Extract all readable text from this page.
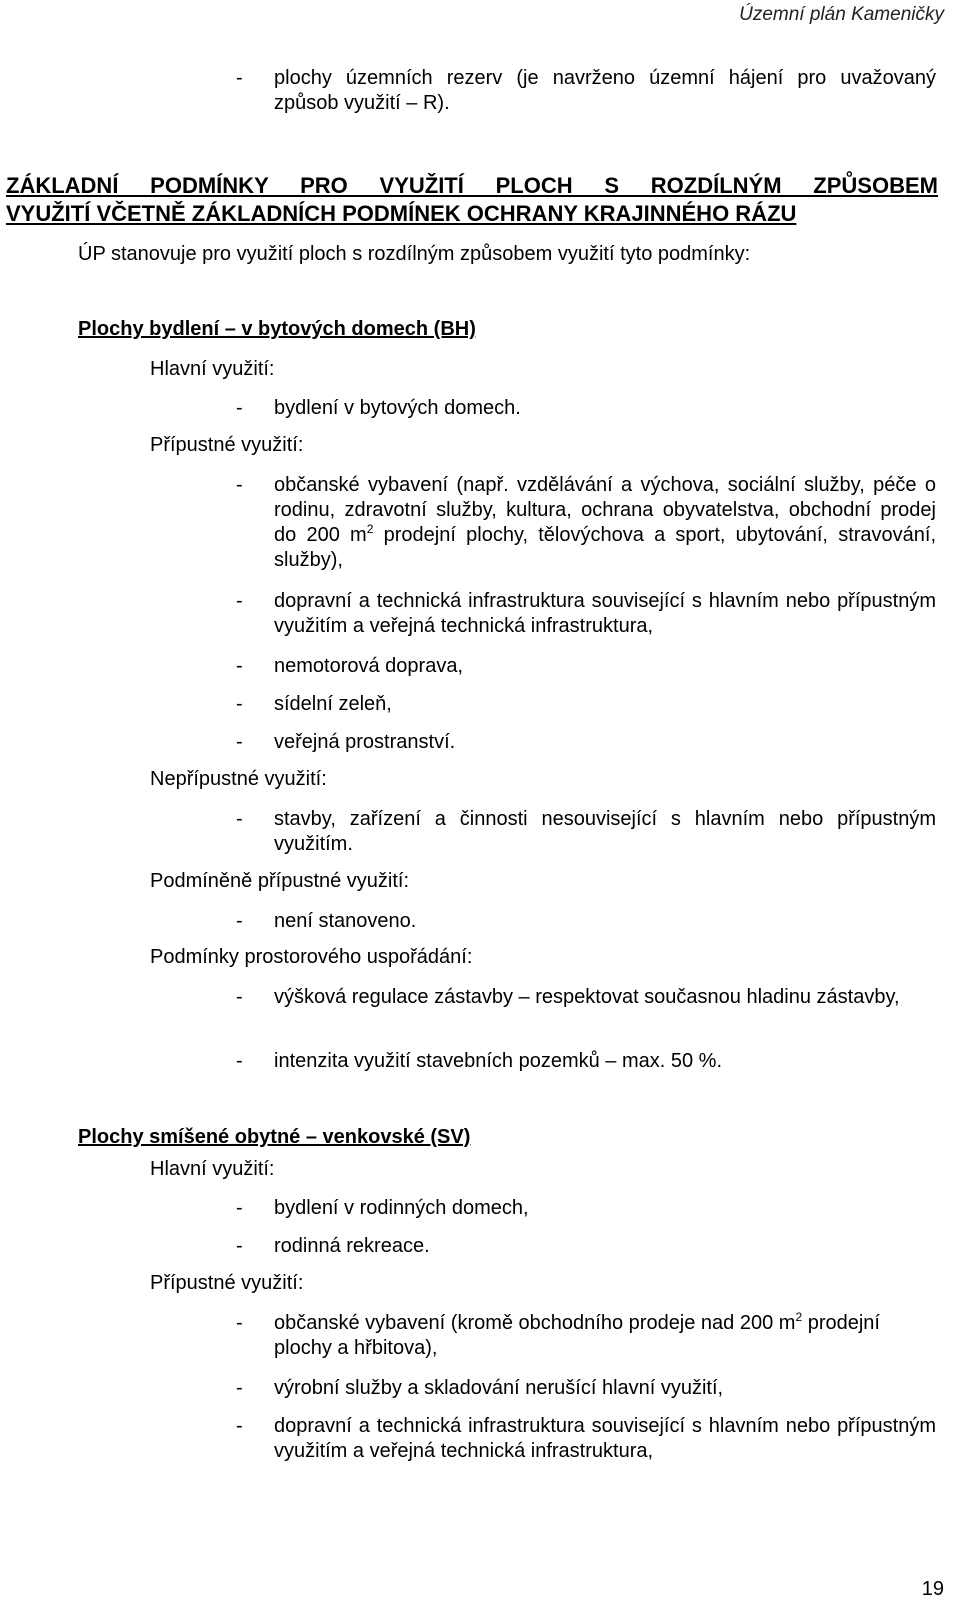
Územní plán Kameničky
- plochy územních rezerv (je navrženo územní hájení pro uvažovaný způsob využití – R).
ZÁKLADNÍ PODMÍNKY PRO VYUŽITÍ PLOCH S ROZDÍLNÝM ZPŮSOBEM
VYUŽITÍ VČETNĚ ZÁKLADNÍCH PODMÍNEK OCHRANY KRAJINNÉHO RÁZU
ÚP stanovuje pro využití ploch s rozdílným způsobem využití tyto podmínky:
Plochy bydlení – v bytových domech (BH)
Hlavní využití:
- bydlení v bytových domech.
Přípustné využití:
- občanské vybavení (např. vzdělávání a výchova, sociální služby, péče o rodinu, zdravotní služby, kultura, ochrana obyvatelstva, obchodní prodej do 200 $m^2$ prodejní plochy, tělovýchova a sport, ubytování, stravování, služby),
- dopravní a technická infrastruktura související s hlavním nebo přípustným využitím a veřejná technická infrastruktura,
- nemotorová doprava,
- sídelní zeleň,
- veřejná prostranství.
Nepřípustné využití:
- stavby, zařízení a činnosti nesouvisející s hlavním nebo přípustným využitím.
Podmíněně přípustné využití:
- není stanoveno.
Podmínky prostorového uspořádání:
- výšková regulace zástavby – respektovat současnou hladinu zástavby,
- intenzita využití stavebních pozemků – max. 50 %.
Plochy smíšené obytné – venkovské (SV)
Hlavní využití:
- bydlení v rodinných domech,
- rodinná rekreace.
Přípustné využití:
- občanské vybavení (kromě obchodního prodeje nad 200 $m^2$ prodejní plochy a hřbitova),
- výrobní služby a skladování nerušící hlavní využití,
- dopravní a technická infrastruktura související s hlavním nebo přípustným využitím a veřejná technická infrastruktura,
19
